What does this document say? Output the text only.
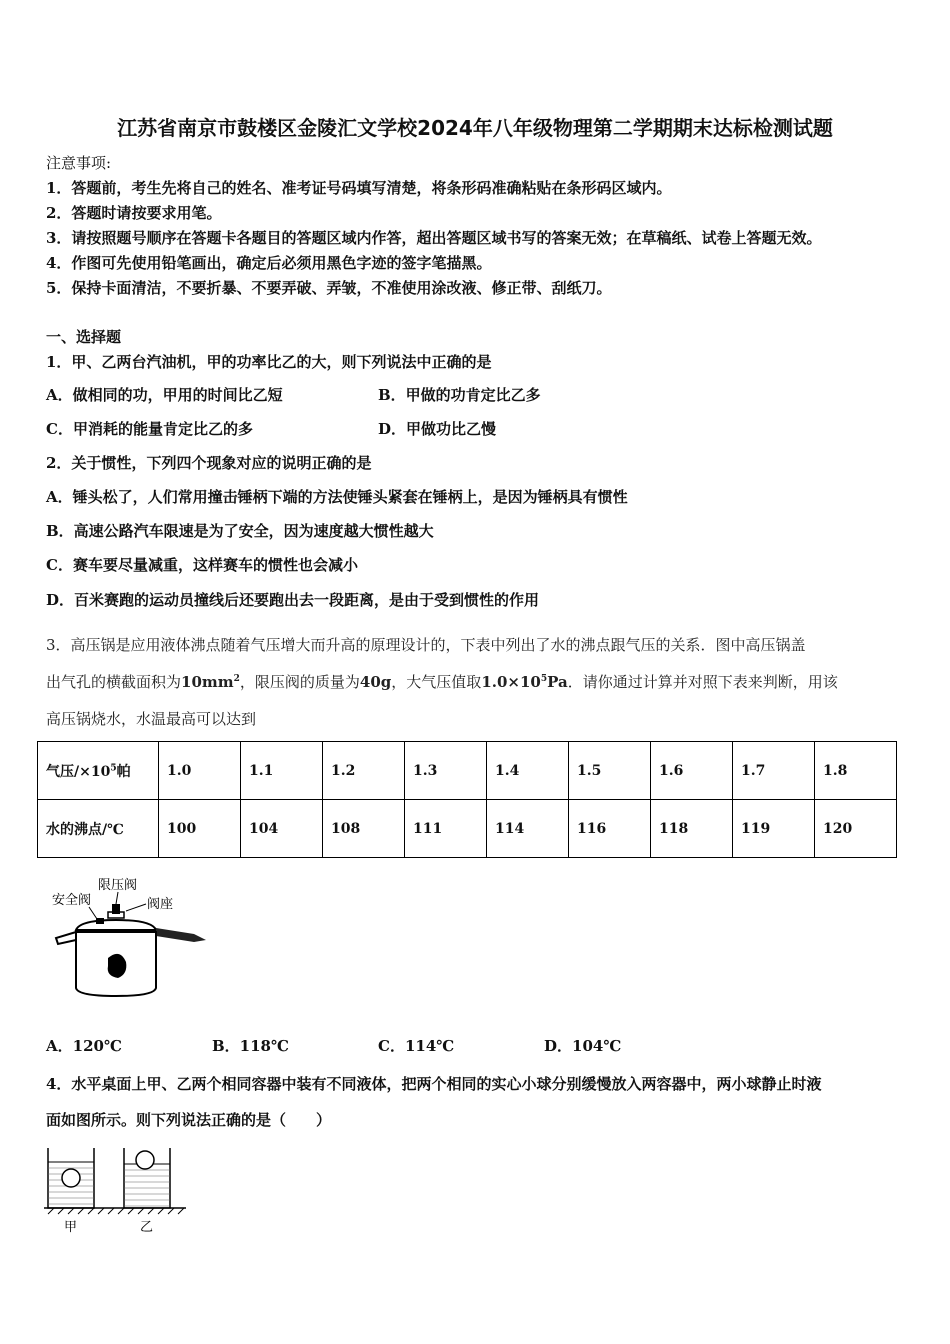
江苏省南京市鼓楼区金陵汇文学校2024年八年级物理第二学期期末达标检测试题
注意事项:
1．答题前，考生先将自己的姓名、准考证号码填写清楚，将条形码准确粘贴在条形码区域内。
2．答题时请按要求用笔。
3．请按照题号顺序在答题卡各题目的答题区域内作答，超出答题区域书写的答案无效；在草稿纸、试卷上答题无效。
4．作图可先使用铅笔画出，确定后必须用黑色字迹的签字笔描黑。
5．保持卡面清洁，不要折暴、不要弄破、弄皱，不准使用涂改液、修正带、刮纸刀。
一、选择题
1．甲、乙两台汽油机，甲的功率比乙的大，则下列说法中正确的是
A．做相同的功，甲用的时间比乙短	B．甲做的功肯定比乙多
C．甲消耗的能量肯定比乙的多	D．甲做功比乙慢
2．关于惯性，下列四个现象对应的说明正确的是
A．锤头松了，人们常用撞击锤柄下端的方法使锤头紧套在锤柄上，是因为锤柄具有惯性
B．高速公路汽车限速是为了安全，因为速度越大惯性越大
C．赛车要尽量减重，这样赛车的惯性也会减小
D．百米赛跑的运动员撞线后还要跑出去一段距离，是由于受到惯性的作用
3．高压锅是应用液体沸点随着气压增大而升高的原理设计的，下表中列出了水的沸点跟气压的关系．图中高压锅盖
出气孔的横截面积为$10mm^2$，限压阀的质量为40g，大气压值取$1.0\times 10^5Pa$．请你通过计算并对照下表来判断，用该
高压锅烧水，水温最高可以达到
气压$/\times 10^5$帕	1.0	1.1	1.2	1.3	1.4	1.5	1.6	1.7	1.8
水的沸点/℃	100	104	108	111	114	116	118	119	120
安全阀
限压阀
阀座
A．120℃	B．118℃	C．114℃	D．104℃
4．水平桌面上甲、乙两个相同容器中装有不同液体，把两个相同的实心小球分别缓慢放入两容器中，两小球静止时液
面如图所示。则下列说法正确的是（　　）
甲	乙
